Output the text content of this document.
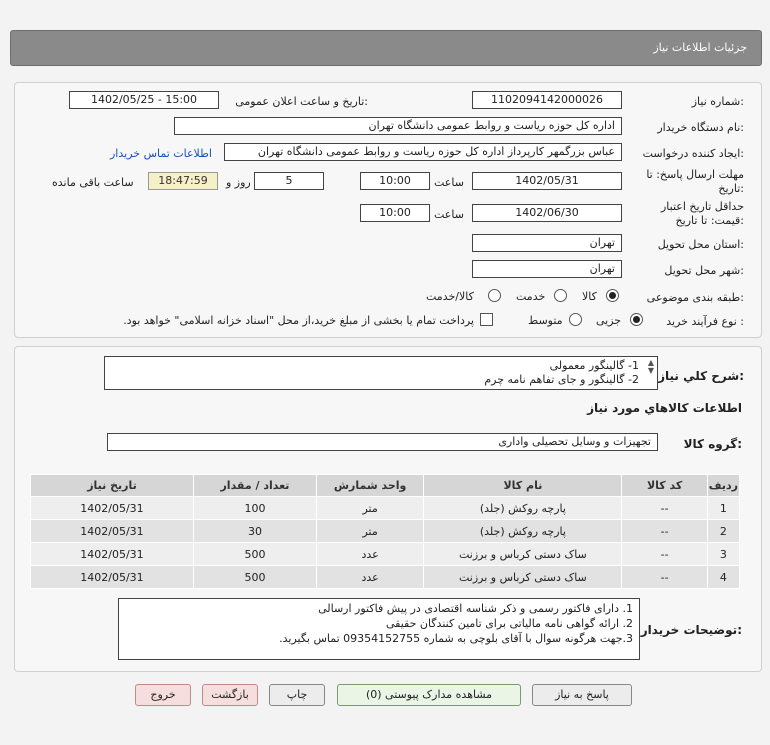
جزئیات اطلاعات نیاز
شماره نیاز:
1102094142000026
تاریخ و ساعت اعلان عمومی:
1402/05/25 - 15:00
نام دستگاه خریدار:
اداره کل حوزه ریاست و روابط عمومی دانشگاه تهران
ایجاد کننده درخواست:
عباس بزرگمهر کارپرداز اداره کل حوزه ریاست و روابط عمومی دانشگاه تهران
اطلاعات تماس خریدار
مهلت ارسال پاسخ: تا
تاریخ:
1402/05/31
ساعت
10:00
5
روز و
18:47:59
ساعت باقی مانده
حداقل تاریخ اعتبار
قیمت: تا تاریخ:
1402/06/30
ساعت
10:00
استان محل تحویل:
تهران
شهر محل تحویل:
تهران
طبقه بندی موضوعی:
کالا
خدمت
کالا/خدمت
نوع فرآیند خرید :
جزیی
متوسط
پرداخت تمام یا بخشی از مبلغ خرید،از محل "اسناد خزانه اسلامی" خواهد بود.
شرح کلي نياز:
1- گالینگور معمولی
2- گالینگور و جای تفاهم نامه چرم
▲
▼
اطلاعات کالاهاي مورد نياز
گروه کالا:
تجهیزات و وسایل تحصیلی واداری
ردیف	کد کالا	نام کالا	واحد شمارش	تعداد / مقدار	تاریخ نیاز
1	--	پارچه روکش (جلد)	متر	100	1402/05/31
2	--	پارچه روکش (جلد)	متر	30	1402/05/31
3	--	ساک دستی کرباس و برزنت	عدد	500	1402/05/31
4	--	ساک دستی کرباس و برزنت	عدد	500	1402/05/31
توضیحات خریدار:
1. دارای فاکتور رسمی و ذکر شناسه اقتصادی در پیش فاکتور ارسالی
2. ارائه گواهی نامه مالیاتی برای تامین کنندگان حقیقی
3.جهت هرگونه سوال با آقای بلوچی به شماره 09354152755 تماس بگیرید.
پاسخ به نیاز
مشاهده مدارک پیوستی (0)
چاپ
بازگشت
خروج
